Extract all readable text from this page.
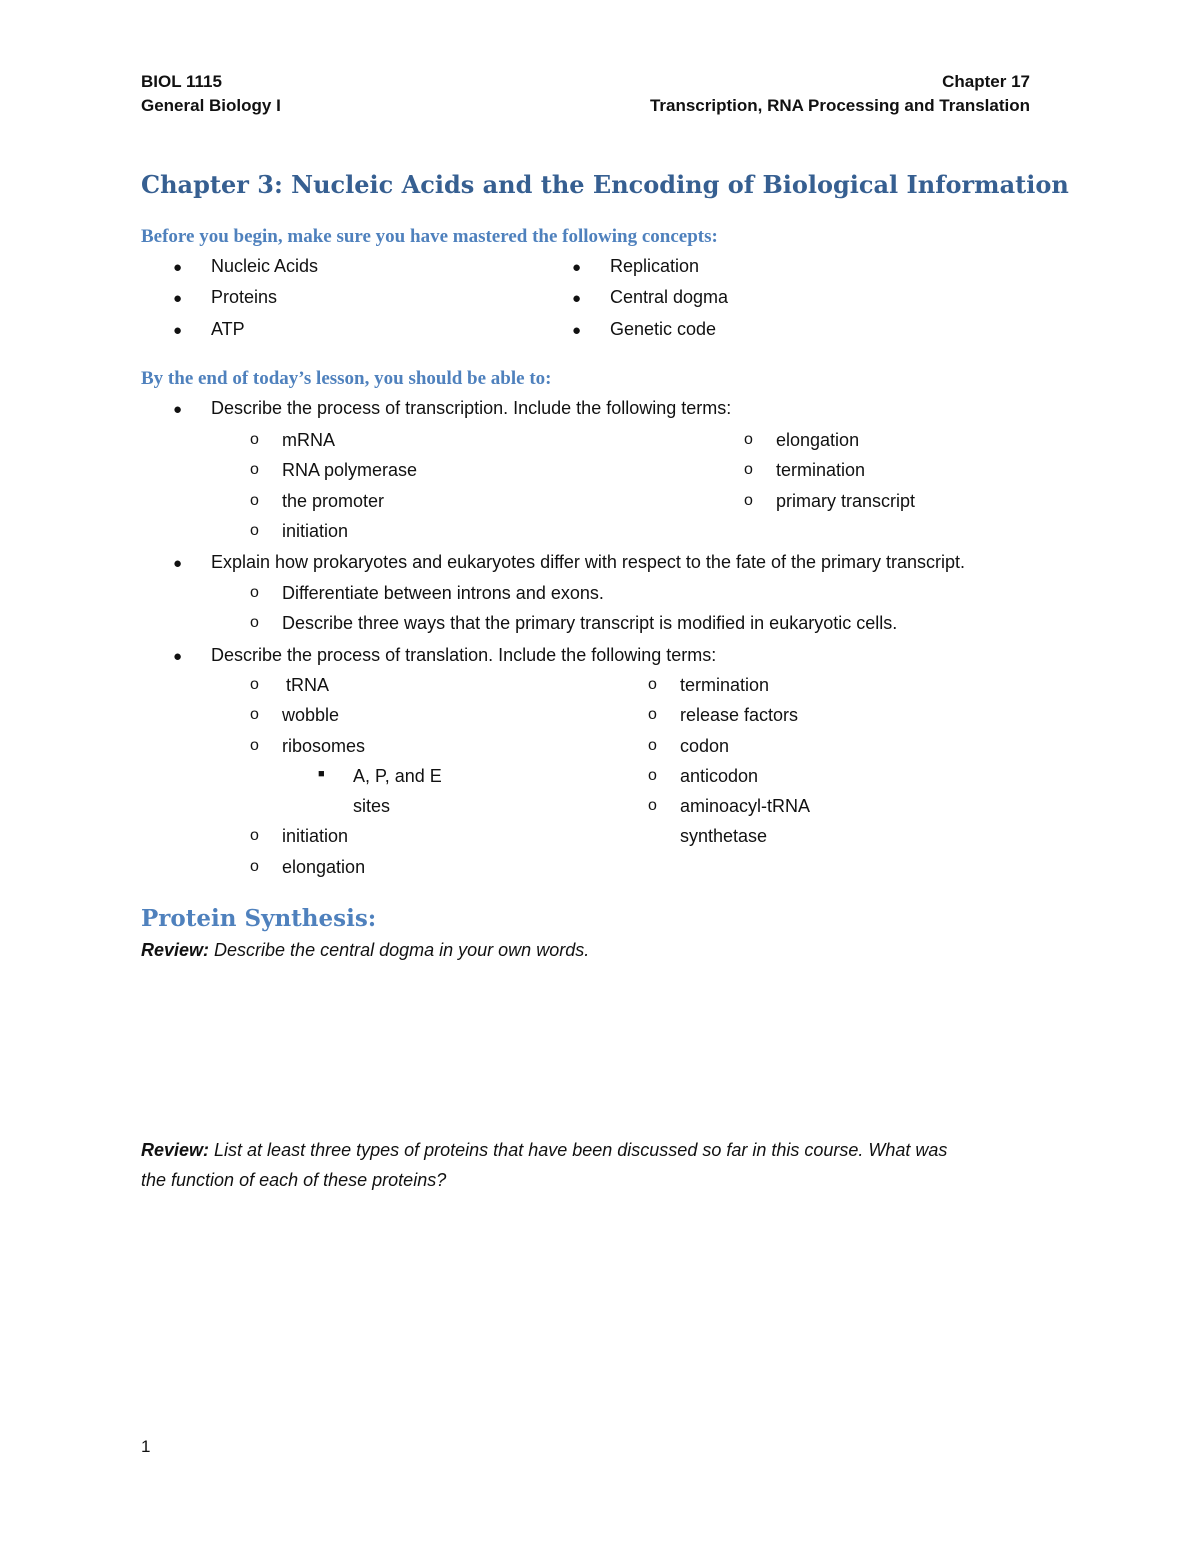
BIOL 1115
General Biology I
Chapter 17
Transcription, RNA Processing and Translation
Chapter 3: Nucleic Acids and the Encoding of Biological Information
Before you begin, make sure you have mastered the following concepts:
● Nucleic Acids
● Proteins
● ATP
● Replication
● Central dogma
● Genetic code
By the end of today’s lesson, you should be able to:
● Describe the process of transcription. Include the following terms:
o mRNA
o RNA polymerase
o the promoter
o initiation
o elongation
o termination
o primary transcript
● Explain how prokaryotes and eukaryotes differ with respect to the fate of the primary transcript.
o Differentiate between introns and exons.
o Describe three ways that the primary transcript is modified in eukaryotic cells.
● Describe the process of translation. Include the following terms:
o tRNA
o wobble
o ribosomes
■ A, P, and E
sites
o initiation
o elongation
o termination
o release factors
o codon
o anticodon
o aminoacyl-tRNA
synthetase
Protein Synthesis:
Review: Describe the central dogma in your own words.
Review: List at least three types of proteins that have been discussed so far in this course. What was
the function of each of these proteins?
1
